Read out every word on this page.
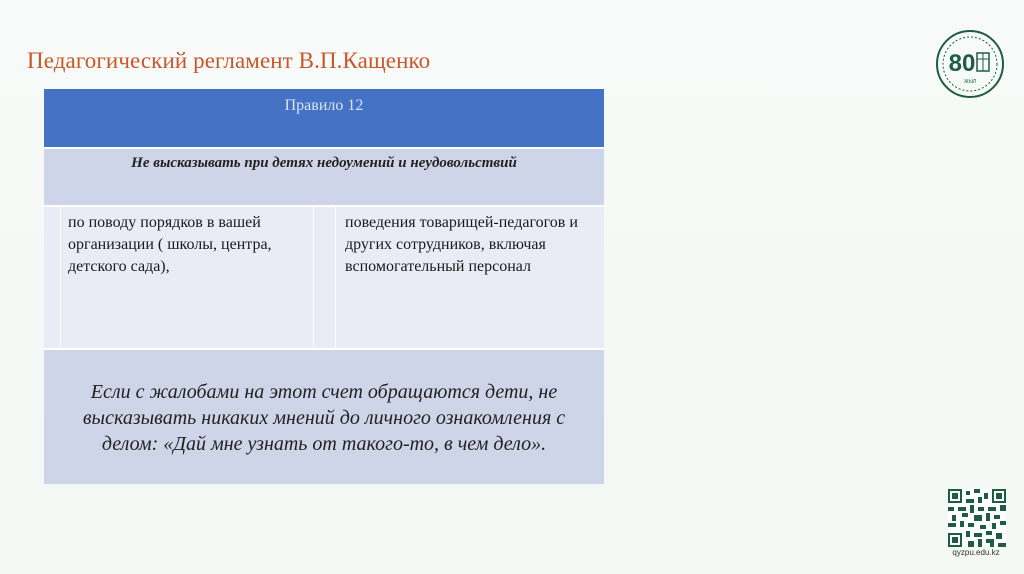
Педагогический регламент В.П.Кащенко
Правило 12
Не высказывать при детях недоумений и неудовольствий
по поводу порядков в вашей организации ( школы, центра, детского сада),
поведения товарищей-педагогов и других сотрудников, включая вспомогательный персонал
Если с жалобами на этот счет обращаются дети, не высказывать никаких мнений до личного ознакомления с делом: «Дай мне узнать от такого-то, в чем дело».
80
ЖЫЛ
qyzpu.edu.kz
